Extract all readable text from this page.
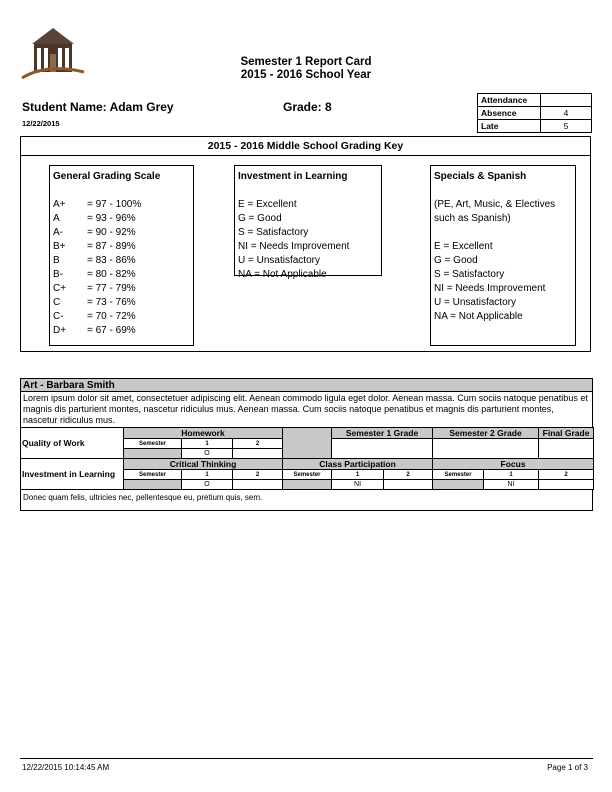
Semester 1 Report Card
2015 - 2016 School Year
Student Name: Adam Grey	Grade: 8
12/22/2015
Attendance	
Absence	4
Late	5
2015 - 2016 Middle School Grading Key
General Grading Scale
A+	= 97 - 100%
A	= 93 - 96%
A-	= 90 - 92%
B+	= 87 - 89%
B	= 83 - 86%
B-	= 80 - 82%
C+	= 77 - 79%
C	= 73 - 76%
C-	= 70 - 72%
D+	= 67 - 69%
Investment in Learning
E = Excellent
G = Good
S = Satisfactory
NI = Needs Improvement
U = Unsatisfactory
NA = Not Applicable
Specials & Spanish
(PE, Art, Music, & Electives
such as Spanish)
E = Excellent
G = Good
S = Satisfactory
NI = Needs Improvement
U = Unsatisfactory
NA = Not Applicable
Art - Barbara Smith
Lorem ipsum dolor sit amet, consectetuer adipiscing elit. Aenean commodo ligula eget dolor. Aenean massa. Cum sociis natoque penatibus et magnis dis parturient montes, nascetur ridiculus mus. Aenean massa. Cum sociis natoque penatibus et magnis dis parturient montes, nascetur ridiculus mus.
Quality of Work	Homework				Semester 1 Grade		Semester 2 Grade		Final Grade
	Semester	1	2						
		O							
Investment in Learning	Critical Thinking			Class Participation			Focus		
	Semester	1	2	Semester	1	2	Semester	1	2
		O			NI			NI	
Donec quam felis, ultricies nec, pellentesque eu, pretium quis, sem.
12/22/2015 10:14:45 AM	Page 1 of 3
